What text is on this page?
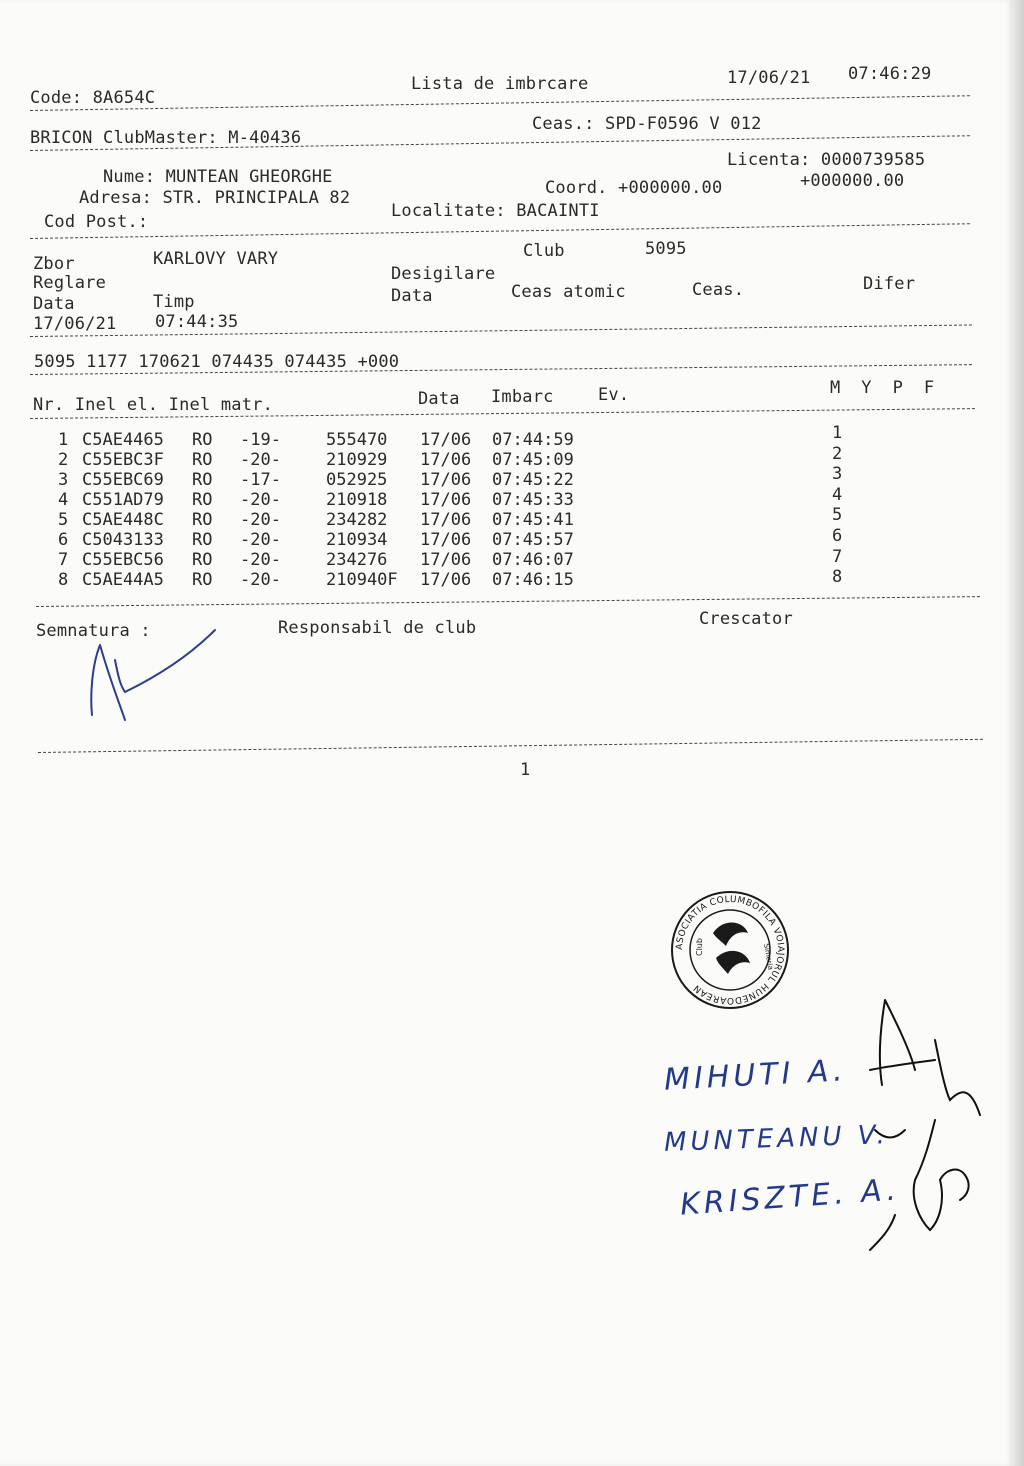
Code: 8A654C
Lista de imbrcare	17/06/21 07:46:29
BRICON ClubMaster: M-40436
Ceas.: SPD-F0596 V 012
Licenta: 0000739585
Nume: MUNTEAN GHEORGHE
Adresa: STR. PRINCIPALA 82	Coord. +000000.00	+000000.00
Cod Post.:
Localitate: BACAINTI
Club	5095
Zbor	KARLOVY VARY
Desigilare
Reglare	Difer
Ceas atomic	Ceas.
Data
Data	Timp
17/06/21 07:44:35
5095 1177 170621 074435 074435 +000
Nr. Inel el. Inel matr.	Data Imbarc	Ev.	M  Y  P  F
1 C5AE4465 RO -19-	555470 17/06 07:44:59	1
2 C55EBC3F RO -20-	210929 17/06 07:45:09	2
3 C55EBC69 RO -17-	052925 17/06 07:45:22	3
4 C551AD79 RO -20-	210918 17/06 07:45:33	4
5 C5AE448C RO -20-	234282 17/06 07:45:41	5
6 C5043133 RO -20-	210934 17/06 07:45:57	6
7 C55EBC56 RO -20-	234276 17/06 07:46:07	7
8 C5AE44A5 RO -20-	210940F 17/06 07:46:15	8
Semnatura :	Responsabil de club	Crescator
1
ASOCIATIA COLUMBOFILA VOIAJORUL HUNEDOAREAN
Club	Simeria
MIHUTI A.
MUNTEANU V.
KRISZTE. A.
